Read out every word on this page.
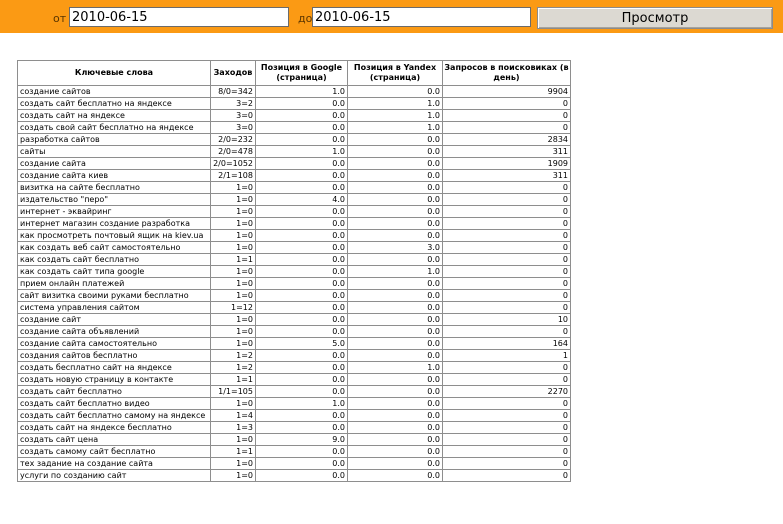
от
2010-06-15	до
2010-06-15	Просмотр
Ключевые слова	Заходов	Позиция в Google (страница)	Позиция в Yandex (страница)	Запросов в поисковиках (в день)
создание сайтов	8/0=342	1.0	0.0	9904
создать сайт бесплатно на яндексе	3=2	0.0	1.0	0
создать сайт на яндексе	3=0	0.0	1.0	0
создать свой сайт бесплатно на яндексе	3=0	0.0	1.0	0
разработка сайтов	2/0=232	0.0	0.0	2834
сайты	2/0=478	1.0	0.0	311
создание сайта	2/0=1052	0.0	0.0	1909
создание сайта киев	2/1=108	0.0	0.0	311
визитка на сайте бесплатно	1=0	0.0	0.0	0
издательство "перо"	1=0	4.0	0.0	0
интернет - эквайринг	1=0	0.0	0.0	0
интернет магазин создание разработка	1=0	0.0	0.0	0
как просмотреть почтовый ящик на kiev.ua	1=0	0.0	0.0	0
как создать веб сайт самостоятельно	1=0	0.0	3.0	0
как создать сайт бесплатно	1=1	0.0	0.0	0
как создать сайт типа google	1=0	0.0	1.0	0
прием онлайн платежей	1=0	0.0	0.0	0
сайт визитка своими руками бесплатно	1=0	0.0	0.0	0
система управления сайтом	1=12	0.0	0.0	0
создание сайт	1=0	0.0	0.0	10
создание сайта объявлений	1=0	0.0	0.0	0
создание сайта самостоятельно	1=0	5.0	0.0	164
создания сайтов бесплатно	1=2	0.0	0.0	1
создать бесплатно сайт на яндексе	1=2	0.0	1.0	0
создать новую страницу в контакте	1=1	0.0	0.0	0
создать сайт бесплатно	1/1=105	0.0	0.0	2270
создать сайт бесплатно видео	1=0	1.0	0.0	0
создать сайт бесплатно самому на яндексе	1=4	0.0	0.0	0
создать сайт на яндексе бесплатно	1=3	0.0	0.0	0
создать сайт цена	1=0	9.0	0.0	0
создать самому сайт бесплатно	1=1	0.0	0.0	0
тех задание на создание сайта	1=0	0.0	0.0	0
услуги по созданию сайт	1=0	0.0	0.0	0
